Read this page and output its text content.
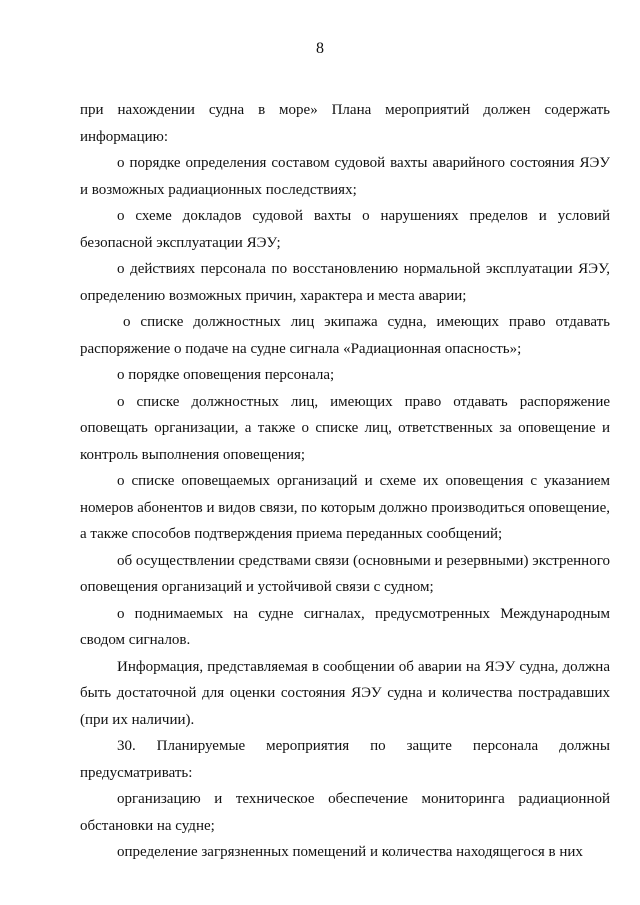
8

при нахождении судна в море» Плана мероприятий должен содержать информацию:

о порядке определения составом судовой вахты аварийного состояния ЯЭУ и возможных радиационных последствиях;

о схеме докладов судовой вахты о нарушениях пределов и условий безопасной эксплуатации ЯЭУ;

о действиях персонала по восстановлению нормальной эксплуатации ЯЭУ, определению возможных причин, характера и места аварии;

о списке должностных лиц экипажа судна, имеющих право отдавать распоряжение о подаче на судне сигнала «Радиационная опасность»;

о порядке оповещения персонала;

о списке должностных лиц, имеющих право отдавать распоряжение оповещать организации, а также о списке лиц, ответственных за оповещение и контроль выполнения оповещения;

о списке оповещаемых организаций и схеме их оповещения с указанием номеров абонентов и видов связи, по которым должно производиться оповещение, а также способов подтверждения приема переданных сообщений;

об осуществлении средствами связи (основными и резервными) экстренного оповещения организаций и устойчивой связи с судном;

о поднимаемых на судне сигналах, предусмотренных Международным сводом сигналов.

Информация, представляемая в сообщении об аварии на ЯЭУ судна, должна быть достаточной для оценки состояния ЯЭУ судна и количества пострадавших (при их наличии).

30. Планируемые мероприятия по защите персонала должны предусматривать:

организацию и техническое обеспечение мониторинга радиационной обстановки на судне;

определение загрязненных помещений и количества находящегося в них
